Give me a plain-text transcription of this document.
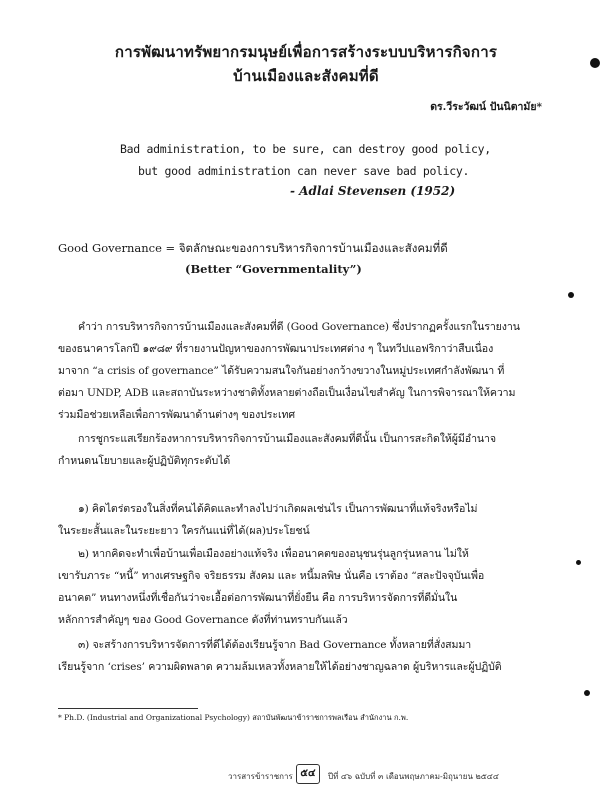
การพัฒนาทรัพยากรมนุษย์เพื่อการสร้างระบบบริหารกิจการ
บ้านเมืองและสังคมที่ดี
ดร.วีระวัฒน์ ปันนิตามัย*
Bad administration, to be sure, can destroy good policy,
but good administration can never save bad policy.
- Adlai Stevensen (1952)
Good Governance = จิตลักษณะของการบริหารกิจการบ้านเมืองและสังคมที่ดี
(Better “Governmentality”)
คำว่า การบริหารกิจการบ้านเมืองและสังคมที่ดี (Good Governance) ซึ่งปรากฏครั้งแรกในรายงาน
ของธนาคารโลกปี ๑๙๘๙ ที่รายงานปัญหาของการพัฒนาประเทศต่าง ๆ ในทวีปแอฟริกาว่าสืบเนื่อง
มาจาก “a crisis of governance” ได้รับความสนใจกันอย่างกว้างขวางในหมู่ประเทศกำลังพัฒนา ที่
ต่อมา UNDP, ADB และสถาบันระหว่างชาติทั้งหลายต่างถือเป็นเงื่อนไขสำคัญ ในการพิจารณาให้ความ
ร่วมมือช่วยเหลือเพื่อการพัฒนาด้านต่างๆ ของประเทศ
การชูกระแสเรียกร้องหาการบริหารกิจการบ้านเมืองและสังคมที่ดีนั้น เป็นการสะกิดให้ผู้มีอำนาจ
กำหนดนโยบายและผู้ปฏิบัติทุกระดับได้
๑) คิดไตร่ตรองในสิ่งที่คนได้คิดและทำลงไปว่าเกิดผลเช่นไร เป็นการพัฒนาที่แท้จริงหรือไม่
ในระยะสั้นและในระยะยาว ใครกันแน่ที่ได้(ผล)ประโยชน์
๒) หากคิดจะทำเพื่อบ้านเพื่อเมืองอย่างแท้จริง เพื่ออนาคตของอนุชนรุ่นลูกรุ่นหลาน ไม่ให้
เขารับภาระ “หนี้” ทางเศรษฐกิจ จริยธรรม สังคม และ หนี้มลพิษ นั่นคือ เราต้อง “สละปัจจุบันเพื่อ
อนาคต” หนทางหนึ่งที่เชื่อกันว่าจะเอื้อต่อการพัฒนาที่ยั่งยืน คือ การบริหารจัดการที่ดีมั่นใน
หลักการสำคัญๆ ของ Good Governance ดังที่ท่านทราบกันแล้ว
๓) จะสร้างการบริหารจัดการที่ดีได้ต้องเรียนรู้จาก Bad Governance ทั้งหลายที่สั่งสมมา
เรียนรู้จาก ‘crises’ ความผิดพลาด ความล้มเหลวทั้งหลายให้ได้อย่างชาญฉลาด ผู้บริหารและผู้ปฏิบัติ
* Ph.D. (Industrial and Organizational Psychology) สถาบันพัฒนาข้าราชการพลเรือน สำนักงาน ก.พ.
วารสารข้าราชการ ๕๔	ปีที่ ๔๖ ฉบับที่ ๓ เดือนพฤษภาคม-มิถุนายน ๒๕๔๔
